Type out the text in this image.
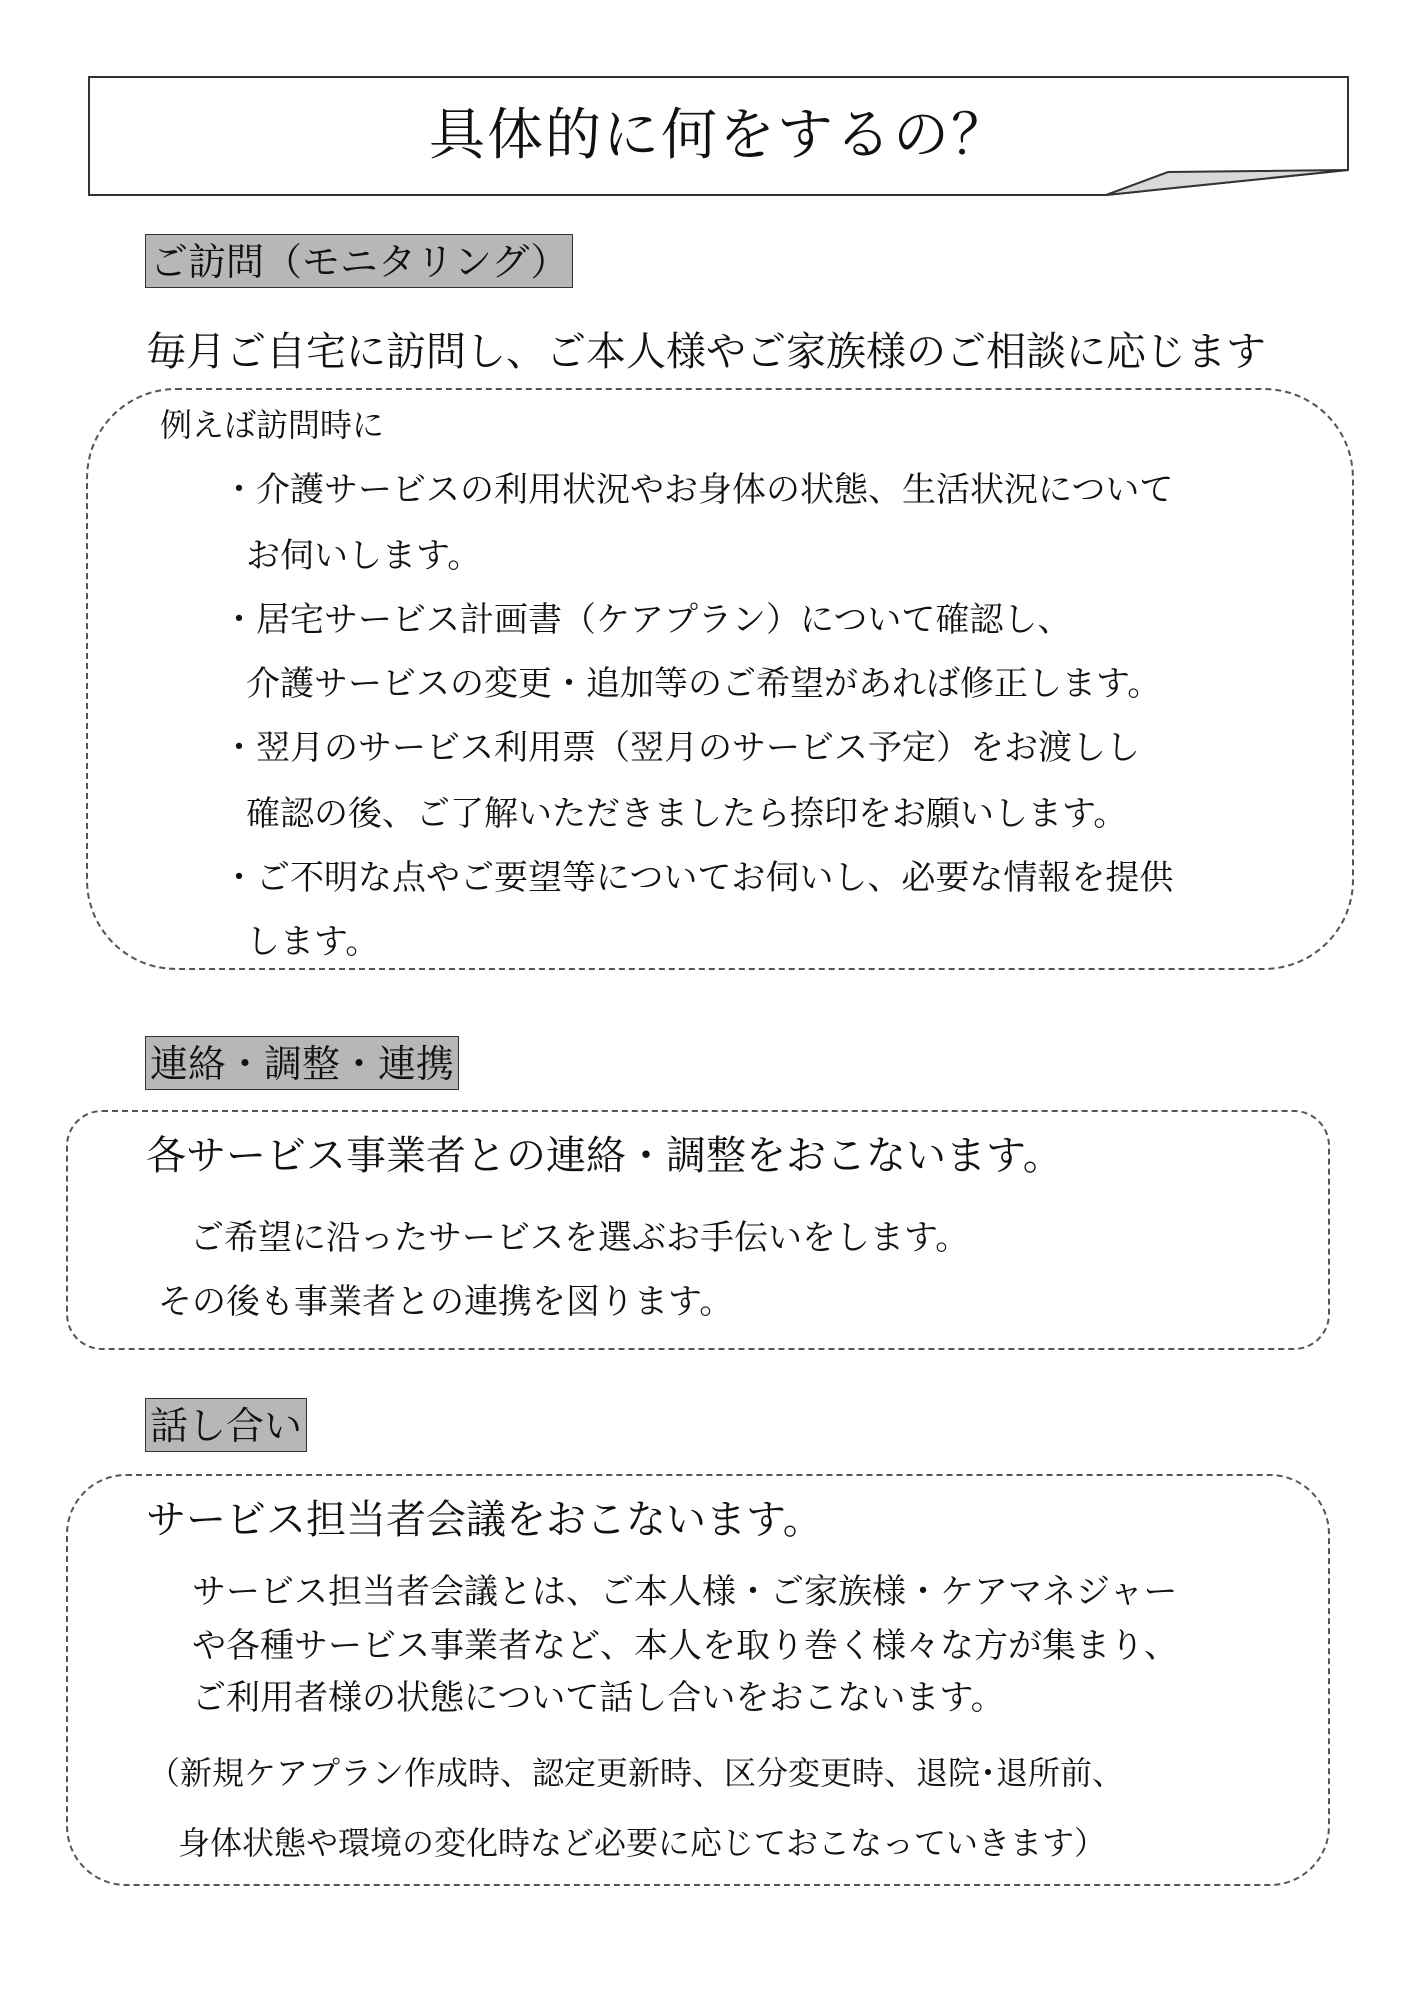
具体的に何をするの？
ご訪問（モニタリング）
毎月ご自宅に訪問し、ご本人様やご家族様のご相談に応じます
例えば訪問時に
・介護サービスの利用状況やお身体の状態、生活状況について
お伺いします。
・居宅サービス計画書（ケアプラン）について確認し、
介護サービスの変更・追加等のご希望があれば修正します。
・翌月のサービス利用票（翌月のサービス予定）をお渡しし
確認の後、ご了解いただきましたら捺印をお願いします。
・ご不明な点やご要望等についてお伺いし、必要な情報を提供
します。
連絡・調整・連携
各サービス事業者との連絡・調整をおこないます。
ご希望に沿ったサービスを選ぶお手伝いをします。
その後も事業者との連携を図ります。
話し合い
サービス担当者会議をおこないます。
サービス担当者会議とは、ご本人様・ご家族様・ケアマネジャー
や各種サービス事業者など、本人を取り巻く様々な方が集まり、
ご利用者様の状態について話し合いをおこないます。
（新規ケアプラン作成時、認定更新時、区分変更時、退院･退所前、
身体状態や環境の変化時など必要に応じておこなっていきます）
